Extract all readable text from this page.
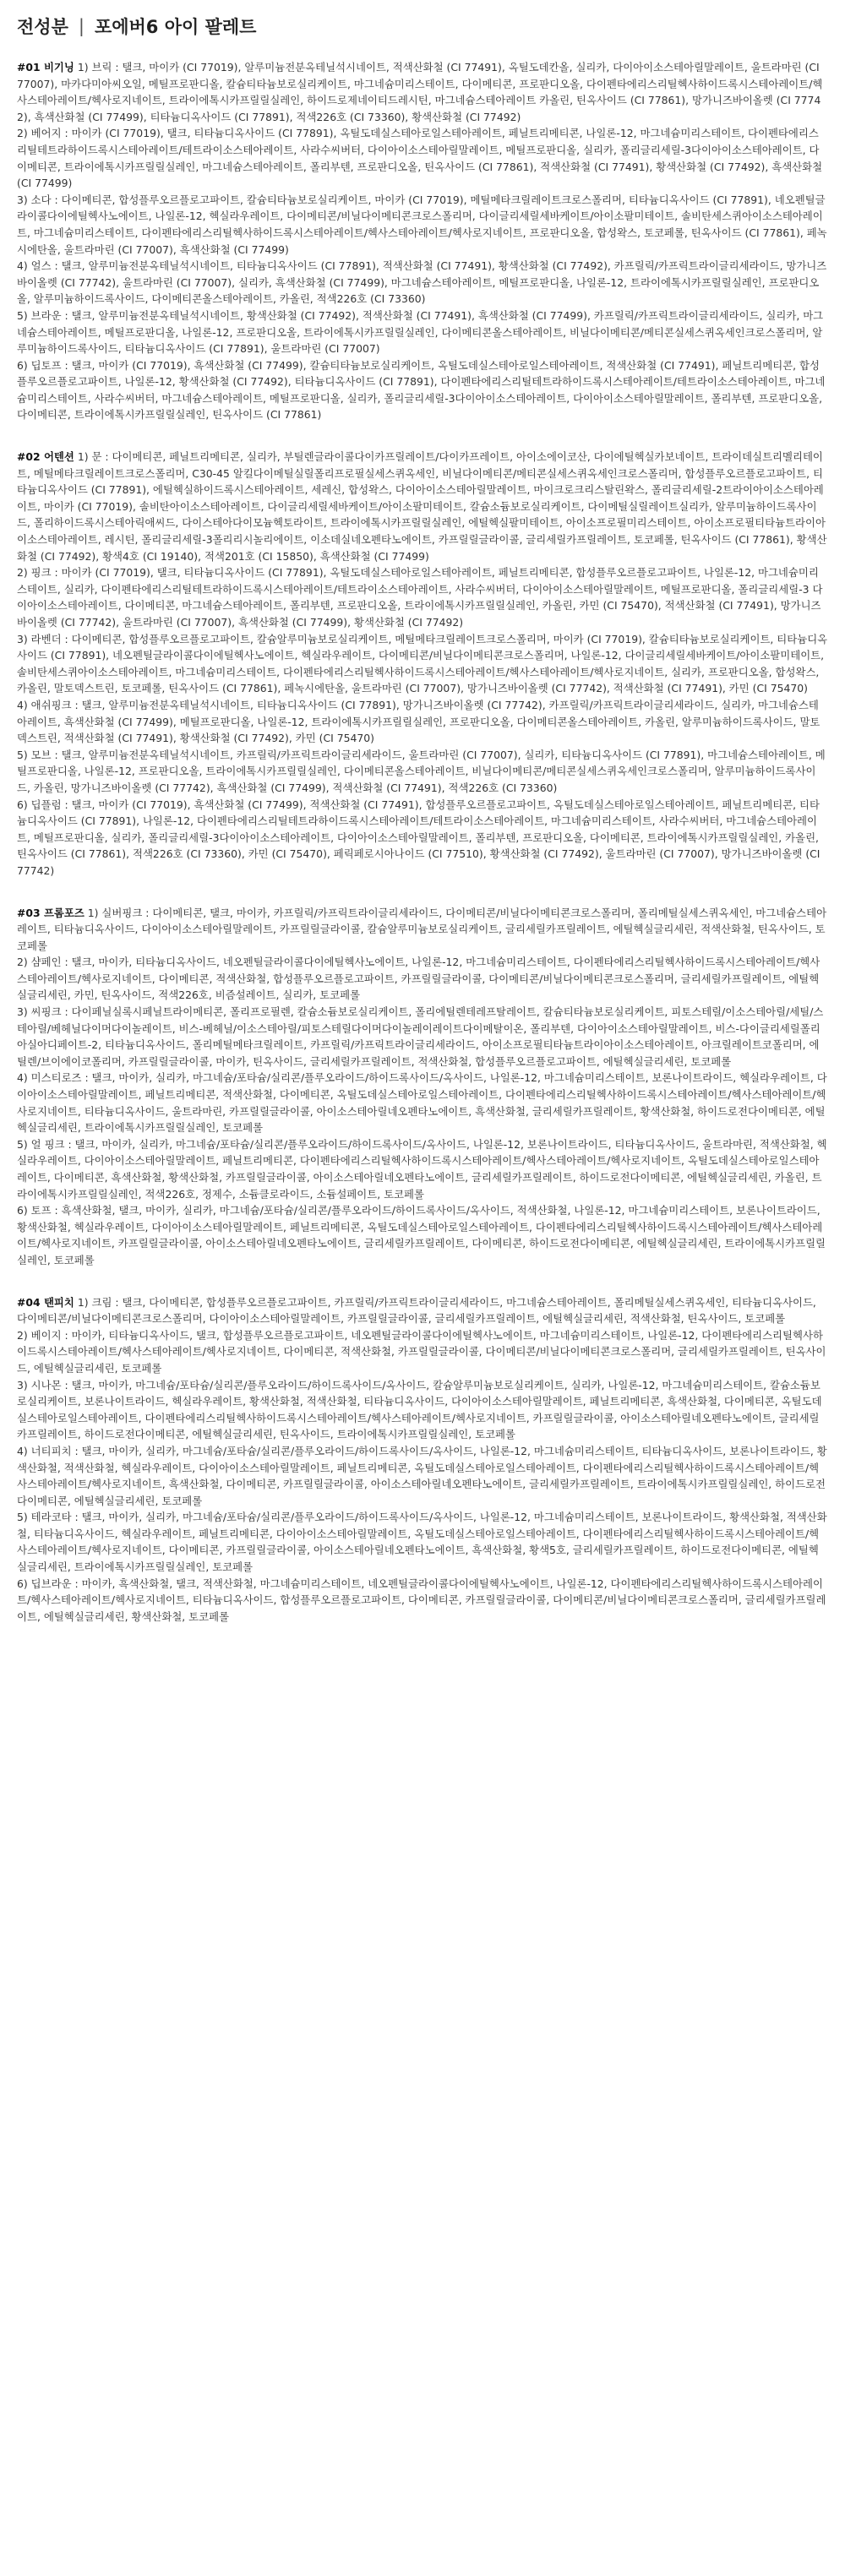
전성분 | 포에버6 아이 팔레트
#01 비기닝 1) 브릭 : 탤크, 마이카 (CI 77019), 알루미늄전분옥테닐석시네이트, 적색산화철 (CI 77491), 옥틸도데칸올, 실리카, 다이아이소스테아릴말레이트, 울트라마린 (CI 77007), 마카다미아씨오일, 메틸프로판디올, 칼슘티타늄보로실리케이트, 마그네슘미리스테이트, 다이메티콘, 프로판디오올, 다이펜타에리스리틸헥사하이드록시스테아레이트/헥사스테아레이트/헥사로지네이트, 트라이에톡시카프릴릴실레인, 하이드로제네이티드레시틴, 마그네슘스테아레이트 카올린, 틴옥사이드 (CI 77861), 망가니즈바이올렛 (CI 77742), 흑색산화철 (CI 77499), 티타늄디옥사이드 (CI 77891), 적색226호 (CI 73360), 황색산화철 (CI 77492)
2) 베어지 : 마이카 (CI 77019), 탤크, 티타늄디옥사이드 (CI 77891), 옥틸도데실스테아로일스테아레이트, 페닐트리메티콘, 나일론-12, 마그네슘미리스테이트, 다이펜타에리스리틸테트라하이드록시스테아레이트/테트라이소스테아레이트, 사라수씨버터, 다이아이소스테아릴말레이트, 메틸프로판디올, 실리카, 폴리글리세릴-3다이아이소스테아레이트, 다이메티콘, 트라이에톡시카프릴릴실레인, 마그네슘스테아레이트, 폴리부텐, 프로판디오올, 틴옥사이드 (CI 77861), 적색산화철 (CI 77491), 황색산화철 (CI 77492), 흑색산화철 (CI 77499)
3) 소다 : 다이메티콘, 합성플루오르플로고파이트, 칼슘티타늄보로실리케이트, 마이카 (CI 77019), 메틸메타크릴레이트크로스폴리머, 티타늄디옥사이드 (CI 77891), 네오펜틸글라이콜다이에틸헥사노에이트, 나일론-12, 헥실라우레이트, 다이메티콘/비닐다이메티콘크로스폴리머, 다이글리세릴세바케이트/아이소팔미테이트, 솔비탄세스퀴아이소스테아레이트, 마그네슘미리스테이트, 다이펜타에리스리틸헥사하이드록시스테아레이트/헥사스테아레이트/헥사로지네이트, 프로판디오올, 합성왁스, 토코페롤, 틴옥사이드 (CI 77861), 페녹시에탄올, 울트라마린 (CI 77007), 흑색산화철 (CI 77499)
4) 얼스 : 탤크, 알루미늄전분옥테닐석시네이트, 티타늄디옥사이드 (CI 77891), 적색산화철 (CI 77491), 황색산화철 (CI 77492), 카프릴릭/카프릭트라이글리세라이드, 망가니즈바이올렛 (CI 77742), 울트라마린 (CI 77007), 실리카, 흑색산화철 (CI 77499), 마그네슘스테아레이트, 메틸프로판디올, 나일론-12, 트라이에톡시카프릴릴실레인, 프로판디오올, 알루미늄하이드록사이드, 다이메티콘올스테아레이트, 카올린, 적색226호 (CI 73360)
5) 브라운 : 탤크, 알루미늄전분옥테닐석시네이트, 황색산화철 (CI 77492), 적색산화철 (CI 77491), 흑색산화철 (CI 77499), 카프릴릭/카프릭트라이글리세라이드, 실리카, 마그네슘스테아레이트, 메틸프로판디올, 나일론-12, 프로판디오올, 트라이에톡시카프릴릴실레인, 다이메티콘올스테아레이트, 비닐다이메티콘/메티콘실세스퀴옥세인크로스폴리머, 알루미늄하이드록사이드, 티타늄디옥사이드 (CI 77891), 울트라마린 (CI 77007)
6) 딥토프 : 탤크, 마이카 (CI 77019), 흑색산화철 (CI 77499), 칼슘티타늄보로실리케이트, 옥틸도데실스테아로일스테아레이트, 적색산화철 (CI 77491), 페닐트리메티콘, 합성플루오르플로고파이트, 나일론-12, 황색산화철 (CI 77492), 티타늄디옥사이드 (CI 77891), 다이펜타에리스리틸테트라하이드록시스테아레이트/테트라이소스테아레이트, 마그네슘미리스테이트, 사라수씨버터, 마그네슘스테아레이트, 메틸프로판디올, 실리카, 폴리글리세릴-3다이아이소스테아레이트, 다이아이소스테아릴말레이트, 폴리부텐, 프로판디오올, 다이메티콘, 트라이에톡시카프릴릴실레인, 틴옥사이드 (CI 77861)
#02 어텐션 1) 문 : 다이메티콘, 페닐트리메티콘, 실리카, 부틸렌글라이콜다이카프릴레이트/다이카프레이트, 아이소에이코산, 다이에틸헥실카보네이트, 트라이데실트리멜리테이트, 메틸메타크릴레이트크로스폴리머, C30-45 알킬다이메틸실릴폴리프로필실세스퀴옥세인, 비닐다이메티콘/메티콘실세스퀴옥세인크로스폴리머, 합성플루오르플로고파이트, 티타늄디옥사이드 (CI 77891), 에틸헥실하이드록시스테아레이트, 세레신, 합성왁스, 다이아이소스테아릴말레이트, 마이크로크리스탈린왁스, 폴리글리세릴-2트라이아이소스테아레이트, 마이카 (CI 77019), 솔비탄아이소스테아레이트, 다이글리세릴세바케이트/아이소팔미테이트, 칼슘소듐보로실리케이트, 다이메틸실릴레이트실리카, 알루미늄하이드록사이드, 폴리하이드록시스테아릭애씨드, 다이스테아다이모늄헥토라이트, 트라이에톡시카프릴릴실레인, 에틸헥실팔미테이트, 아이소프로필미리스테이트, 아이소프로필티타늄트라이아이소스테아레이트, 레시틴, 폴리글리세릴-3폴리리시놀리에이트, 이소데실네오펜타노에이트, 카프릴릴글라이콜, 글리세릴카프릴레이트, 토코페롤, 틴옥사이드 (CI 77861), 황색산화철 (CI 77492), 황색4호 (CI 19140), 적색201호 (CI 15850), 흑색산화철 (CI 77499)
2) 핑크 : 마이카 (CI 77019), 탤크, 티타늄디옥사이드 (CI 77891), 옥틸도데실스테아로일스테아레이트, 페닐트리메티콘, 합성플루오르플로고파이트, 나일론-12, 마그네슘미리스테이트, 실리카, 다이펜타에리스리틸테트라하이드록시스테아레이트/테트라이소스테아레이트, 사라수씨버터, 다이아이소스테아릴말레이트, 메틸프로판디올, 폴리글리세릴-3 다이아이소스테아레이트, 다이메티콘, 마그네슘스테아레이트, 폴리부텐, 프로판디오올, 트라이에톡시카프릴릴실레인, 카올린, 카민 (CI 75470), 적색산화철 (CI 77491), 망가니즈바이올렛 (CI 77742), 울트라마린 (CI 77007), 흑색산화철 (CI 77499), 황색산화철 (CI 77492)
3) 라벤더 : 다이메티콘, 합성플루오르플로고파이트, 칼슘알루미늄보로실리케이트, 메틸메타크릴레이트크로스폴리머, 마이카 (CI 77019), 칼슘티타늄보로실리케이트, 티타늄디옥사이드 (CI 77891), 네오펜틸글라이콜다이에틸헥사노에이트, 헥실라우레이트, 다이메티콘/비닐다이메티콘크로스폴리머, 나일론-12, 다이글리세릴세바케이트/아이소팔미테이트, 솔비탄세스퀴아이소스테아레이트, 마그네슘미리스테이트, 다이펜타에리스리틸헥사하이드록시스테아레이트/헥사스테아레이트/헥사로지네이트, 실리카, 프로판디오올, 합성왁스, 카올린, 말토덱스트린, 토코페롤, 틴옥사이드 (CI 77861), 페녹시에탄올, 울트라마린 (CI 77007), 망가니즈바이올렛 (CI 77742), 적색산화철 (CI 77491), 카민 (CI 75470)
4) 애쉬핑크 : 탤크, 알루미늄전분옥테닐석시네이트, 티타늄디옥사이드 (CI 77891), 망가니즈바이올렛 (CI 77742), 카프릴릭/카프릭트라이글리세라이드, 실리카, 마그네슘스테아레이트, 흑색산화철 (CI 77499), 메틸프로판디올, 나일론-12, 트라이에톡시카프릴릴실레인, 프로판디오올, 다이메티콘올스테아레이트, 카올린, 알루미늄하이드록사이드, 말토덱스트린, 적색산화철 (CI 77491), 황색산화철 (CI 77492), 카민 (CI 75470)
5) 모브 : 탤크, 알루미늄전분옥테닐석시네이트, 카프릴릭/카프릭트라이글리세라이드, 울트라마린 (CI 77007), 실리카, 티타늄디옥사이드 (CI 77891), 마그네슘스테아레이트, 메틸프로판디올, 나일론-12, 프로판디오올, 트라이에톡시카프릴릴실레인, 다이메티콘올스테아레이트, 비닐다이메티콘/메티콘실세스퀴옥세인크로스폴리머, 알루미늄하이드록사이드, 카올린, 망가니즈바이올렛 (CI 77742), 흑색산화철 (CI 77499), 적색산화철 (CI 77491), 적색226호 (CI 73360)
6) 딥플럼 : 탤크, 마이카 (CI 77019), 흑색산화철 (CI 77499), 적색산화철 (CI 77491), 합성플루오르플로고파이트, 옥틸도데실스테아로일스테아레이트, 페닐트리메티콘, 티타늄디옥사이드 (CI 77891), 나일론-12, 다이펜타에리스리틸테트라하이드록시스테아레이트/테트라이소스테아레이트, 마그네슘미리스테이트, 사라수씨버터, 마그네슘스테아레이트, 메틸프로판디올, 실리카, 폴리글리세릴-3다이아이소스테아레이트, 다이아이소스테아릴말레이트, 폴리부텐, 프로판디오올, 다이메티콘, 트라이에톡시카프릴릴실레인, 카올린, 틴옥사이드 (CI 77861), 적색226호 (CI 73360), 카민 (CI 75470), 페릭페로시아나이드 (CI 77510), 황색산화철 (CI 77492), 울트라마린 (CI 77007), 망가니즈바이올렛 (CI 77742)
#03 프롬포즈 1) 실버핑크 : 다이메티콘, 탤크, 마이카, 카프릴릭/카프릭트라이글리세라이드, 다이메티콘/비닐다이메티콘크로스폴리머, 폴리메틸실세스퀴옥세인, 마그네슘스테아레이트, 티타늄디옥사이드, 다이아이소스테아릴말레이트, 카프릴릴글라이콜, 칼슘알루미늄보로실리케이트, 글리세릴카프릴레이트, 에틸헥실글리세린, 적색산화철, 틴옥사이드, 토코페롤
2) 샴페인 : 탤크, 마이카, 티타늄디옥사이드, 네오펜틸글라이콜다이에틸헥사노에이트, 나일론-12, 마그네슘미리스테이트, 다이펜타에리스리틸헥사하이드록시스테아레이트/헥사스테아레이트/헥사로지네이트, 다이메티콘, 적색산화철, 합성플루오르플로고파이트, 카프릴릴글라이콜, 다이메티콘/비닐다이메티콘크로스폴리머, 글리세릴카프릴레이트, 에틸헥실글리세린, 카민, 틴옥사이드, 적색226호, 비즘설레이트, 실리카, 토코페롤
3) 씨핑크 : 다이페닐실록시페닐트라이메티콘, 폴리프로필렌, 칼슘소듐보로실리케이트, 폴리에틸렌테레프탈레이트, 칼슘티타늄보로실리케이트, 피토스테릴/이소스테아릴/세틸/스테아릴/베헤닐다이머다이놀레이트, 비스-베헤닐/이소스테아릴/피토스테릴다이머다이놀레이레이트다이메탈이온, 폴리부텐, 다이아이소스테아릴말레이트, 비스-다이글리세릴폴리아실아디페이트-2, 티타늄디옥사이드, 폴리메틸메타크릴레이트, 카프릴릭/카프릭트라이글리세라이드, 아이소프로필티타늄트라이아이소스테아레이트, 아크릴레이트코폴리머, 에틸렌/브이에이코폴리머, 카프릴릴글라이콜, 마이카, 틴옥사이드, 글리세릴카프릴레이트, 적색산화철, 합성플루오르플로고파이트, 에틸헥실글리세린, 토코페롤
4) 미스티로즈 : 탤크, 마이카, 실리카, 마그네슘/포타슘/실리콘/플루오라이드/하이드록사이드/옥사이드, 나일론-12, 마그네슘미리스테이트, 보론나이트라이드, 헥실라우레이트, 다이아이소스테아릴말레이트, 페닐트리메티콘, 적색산화철, 다이메티콘, 옥틸도데실스테아로일스테아레이트, 다이펜타에리스리틸헥사하이드록시스테아레이트/헥사스테아레이트/헥사로지네이트, 티타늄디옥사이드, 울트라마린, 카프릴릴글라이콜, 아이소스테아릴네오펜타노에이트, 흑색산화철, 글리세릴카프릴레이트, 황색산화철, 하이드로전다이메티콘, 에틸헥실글리세린, 트라이에톡시카프릴릴실레인, 토코페롤
5) 얼 핑크 : 탤크, 마이카, 실리카, 마그네슘/포타슘/실리콘/플루오라이드/하이드록사이드/옥사이드, 나일론-12, 보론나이트라이드, 티타늄디옥사이드, 울트라마린, 적색산화철, 헥실라우레이트, 다이아이소스테아릴말레이트, 페닐트리메티콘, 다이펜타에리스리틸헥사하이드록시스테아레이트/헥사스테아레이트/헥사로지네이트, 옥틸도데실스테아로일스테아레이트, 다이메티콘, 흑색산화철, 황색산화철, 카프릴릴글라이콜, 아이소스테아릴네오펜타노에이트, 글리세릴카프릴레이트, 하이드로전다이메티콘, 에틸헥실글리세린, 카올린, 트라이에톡시카프릴릴실레인, 적색226호, 정제수, 소듐클로라이드, 소듐설페이트, 토코페롤
6) 토프 : 흑색산화철, 탤크, 마이카, 실리카, 마그네슘/포타슘/실리콘/플루오라이드/하이드록사이드/옥사이드, 적색산화철, 나일론-12, 마그네슘미리스테이트, 보론나이트라이드, 황색산화철, 헥실라우레이트, 다이아이소스테아릴말레이트, 페닐트리메티콘, 옥틸도데실스테아로일스테아레이트, 다이펜타에리스리틸헥사하이드록시스테아레이트/헥사스테아레이트/헥사로지네이트, 카프릴릴글라이콜, 아이소스테아릴네오펜타노에이트, 글리세릴카프릴레이트, 다이메티콘, 하이드로전다이메티콘, 에틸헥실글리세린, 트라이에톡시카프릴릴실레인, 토코페롤
#04 탠피치 1) 크림 : 탤크, 다이메티콘, 합성플루오르플로고파이트, 카프릴릭/카프릭트라이글리세라이드, 마그네슘스테아레이트, 폴리메틸실세스퀴옥세인, 티타늄디옥사이드, 다이메티콘/비닐다이메티콘크로스폴리머, 다이아이소스테아릴말레이트, 카프릴릴글라이콜, 글리세릴카프릴레이트, 에틸헥실글리세린, 적색산화철, 틴옥사이드, 토코페롤
2) 베이지 : 마이카, 티타늄디옥사이드, 탤크, 합성플루오르플로고파이트, 네오펜틸글라이콜다이에틸헥사노에이트, 마그네슘미리스테이트, 나일론-12, 다이펜타에리스리틸헥사하이드록시스테아레이트/헥사스테아레이트/헥사로지네이트, 다이메티콘, 적색산화철, 카프릴릴글라이콜, 다이메티콘/비닐다이메티콘크로스폴리머, 글리세릴카프릴레이트, 틴옥사이드, 에틸헥실글리세린, 토코페롤
3) 시나몬 : 탤크, 마이카, 마그네슘/포타슘/실리콘/플루오라이드/하이드록사이드/옥사이드, 칼슘알루미늄보로실리케이트, 실리카, 나일론-12, 마그네슘미리스테이트, 칼슘소듐보로실리케이트, 보론나이트라이드, 헥실라우레이트, 황색산화철, 적색산화철, 티타늄디옥사이드, 다이아이소스테아릴말레이트, 페닐트리메티콘, 흑색산화철, 다이메티콘, 옥틸도데실스테아로일스테아레이트, 다이펜타에리스리틸헥사하이드록시스테아레이트/헥사스테아레이트/헥사로지네이트, 카프릴릴글라이콜, 아이소스테아릴네오펜타노에이트, 글리세릴카프릴레이트, 하이드로전다이메티콘, 에틸헥실글리세린, 틴옥사이드, 트라이에톡시카프릴릴실레인, 토코페롤
4) 너티피치 : 탤크, 마이카, 실리카, 마그네슘/포타슘/실리콘/플루오라이드/하이드록사이드/옥사이드, 나일론-12, 마그네슘미리스테이트, 티타늄디옥사이드, 보론나이트라이드, 황색산화철, 적색산화철, 헥실라우레이트, 다이아이소스테아릴말레이트, 페닐트리메티콘, 옥틸도데실스테아로일스테아레이트, 다이펜타에리스리틸헥사하이드록시스테아레이트/헥사스테아레이트/헥사로지네이트, 흑색산화철, 다이메티콘, 카프릴릴글라이콜, 아이소스테아릴네오펜타노에이트, 글리세릴카프릴레이트, 트라이에톡시카프릴릴실레인, 하이드로전다이메티콘, 에틸헥실글리세린, 토코페롤
5) 테라코타 : 탤크, 마이카, 실리카, 마그네슘/포타슘/실리콘/플루오라이드/하이드록사이드/옥사이드, 나일론-12, 마그네슘미리스테이트, 보론나이트라이드, 황색산화철, 적색산화철, 티타늄디옥사이드, 헥실라우레이트, 페닐트리메티콘, 다이아이소스테아릴말레이트, 옥틸도데실스테아로일스테아레이트, 다이펜타에리스리틸헥사하이드록시스테아레이트/헥사스테아레이트/헥사로지네이트, 다이메티콘, 카프릴릴글라이콜, 아이소스테아릴네오펜타노에이트, 흑색산화철, 황색5호, 글리세릴카프릴레이트, 하이드로전다이메티콘, 에틸헥실글리세린, 트라이에톡시카프릴릴실레인, 토코페롤
6) 딥브라운 : 마이카, 흑색산화철, 탤크, 적색산화철, 마그네슘미리스테이트, 네오펜틸글라이콜다이에틸헥사노에이트, 나일론-12, 다이펜타에리스리틸헥사하이드록시스테아레이트/헥사스테아레이트/헥사로지네이트, 티타늄디옥사이드, 합성플루오르플로고파이트, 다이메티콘, 카프릴릴글라이콜, 다이메티콘/비닐다이메티콘크로스폴리머, 글리세릴카프릴레이트, 에틸헥실글리세린, 황색산화철, 토코페롤
